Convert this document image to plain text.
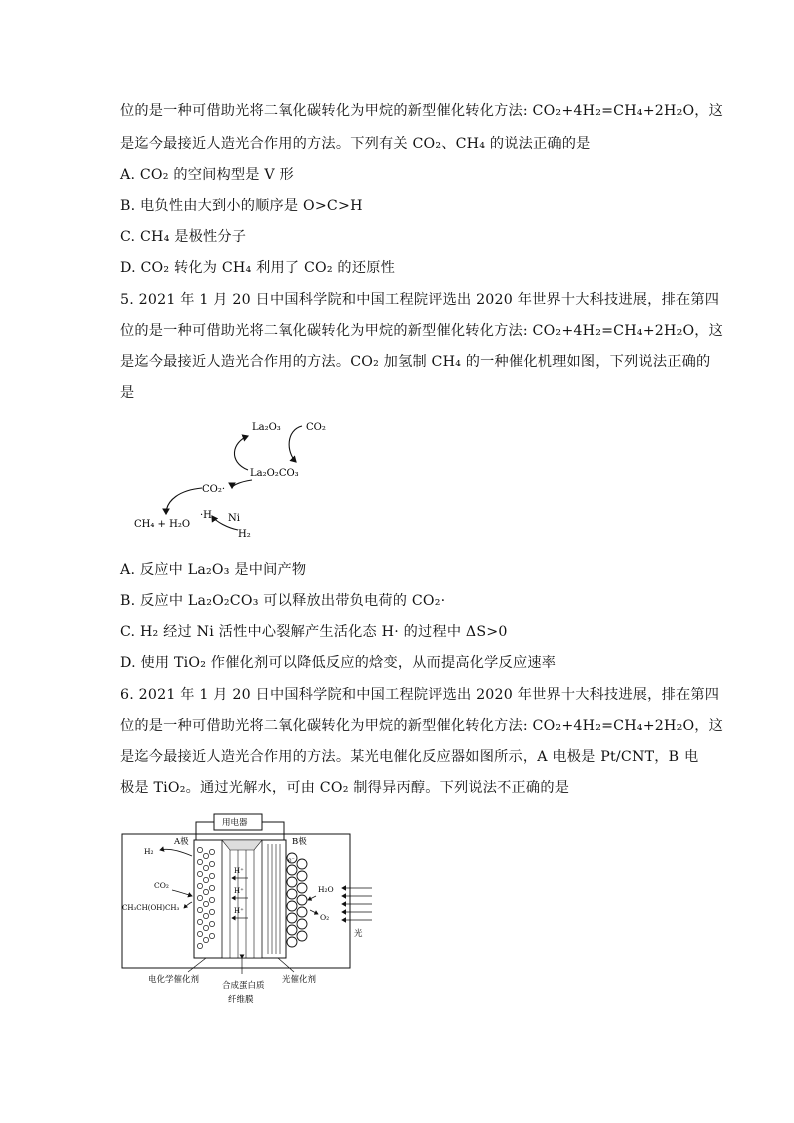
位的是一种可借助光将二氧化碳转化为甲烷的新型催化转化方法: CO₂+4H₂=CH₄+2H₂O，这
是迄今最接近人造光合作用的方法。下列有关 CO₂、CH₄ 的说法正确的是
A. CO₂ 的空间构型是 V 形
B. 电负性由大到小的顺序是 O>C>H
C. CH₄ 是极性分子
D. CO₂ 转化为 CH₄ 利用了 CO₂ 的还原性
5. 2021 年 1 月 20 日中国科学院和中国工程院评选出 2020 年世界十大科技进展，排在第四
位的是一种可借助光将二氧化碳转化为甲烷的新型催化转化方法: CO₂+4H₂=CH₄+2H₂O，这
是迄今最接近人造光合作用的方法。CO₂ 加氢制 CH₄ 的一种催化机理如图，下列说法正确的
是
La₂O₃	CO₂
La₂O₂CO₃
CO₂·
·H Ni
H₂
CH₄ + H₂O
A. 反应中 La₂O₃ 是中间产物
B. 反应中 La₂O₂CO₃ 可以释放出带负电荷的 CO₂·
C. H₂ 经过 Ni 活性中心裂解产生活化态 H· 的过程中 ΔS>0
D. 使用 TiO₂ 作催化剂可以降低反应的焓变，从而提高化学反应速率
6. 2021 年 1 月 20 日中国科学院和中国工程院评选出 2020 年世界十大科技进展，排在第四
位的是一种可借助光将二氧化碳转化为甲烷的新型催化转化方法: CO₂+4H₂=CH₄+2H₂O，这
是迄今最接近人造光合作用的方法。某光电催化反应器如图所示，A 电极是 Pt/CNT，B 电
极是 TiO₂。通过光解水，可由 CO₂ 制得异丙醇。下列说法不正确的是
用电器
A极	B极
e⁻
H⁺
H⁺
H⁺
H₂
CO₂
CH₃CH(OH)CH₃
H₂O
O₂
光
电化学催化剂
合成蛋白质
纤维膜
光催化剂
